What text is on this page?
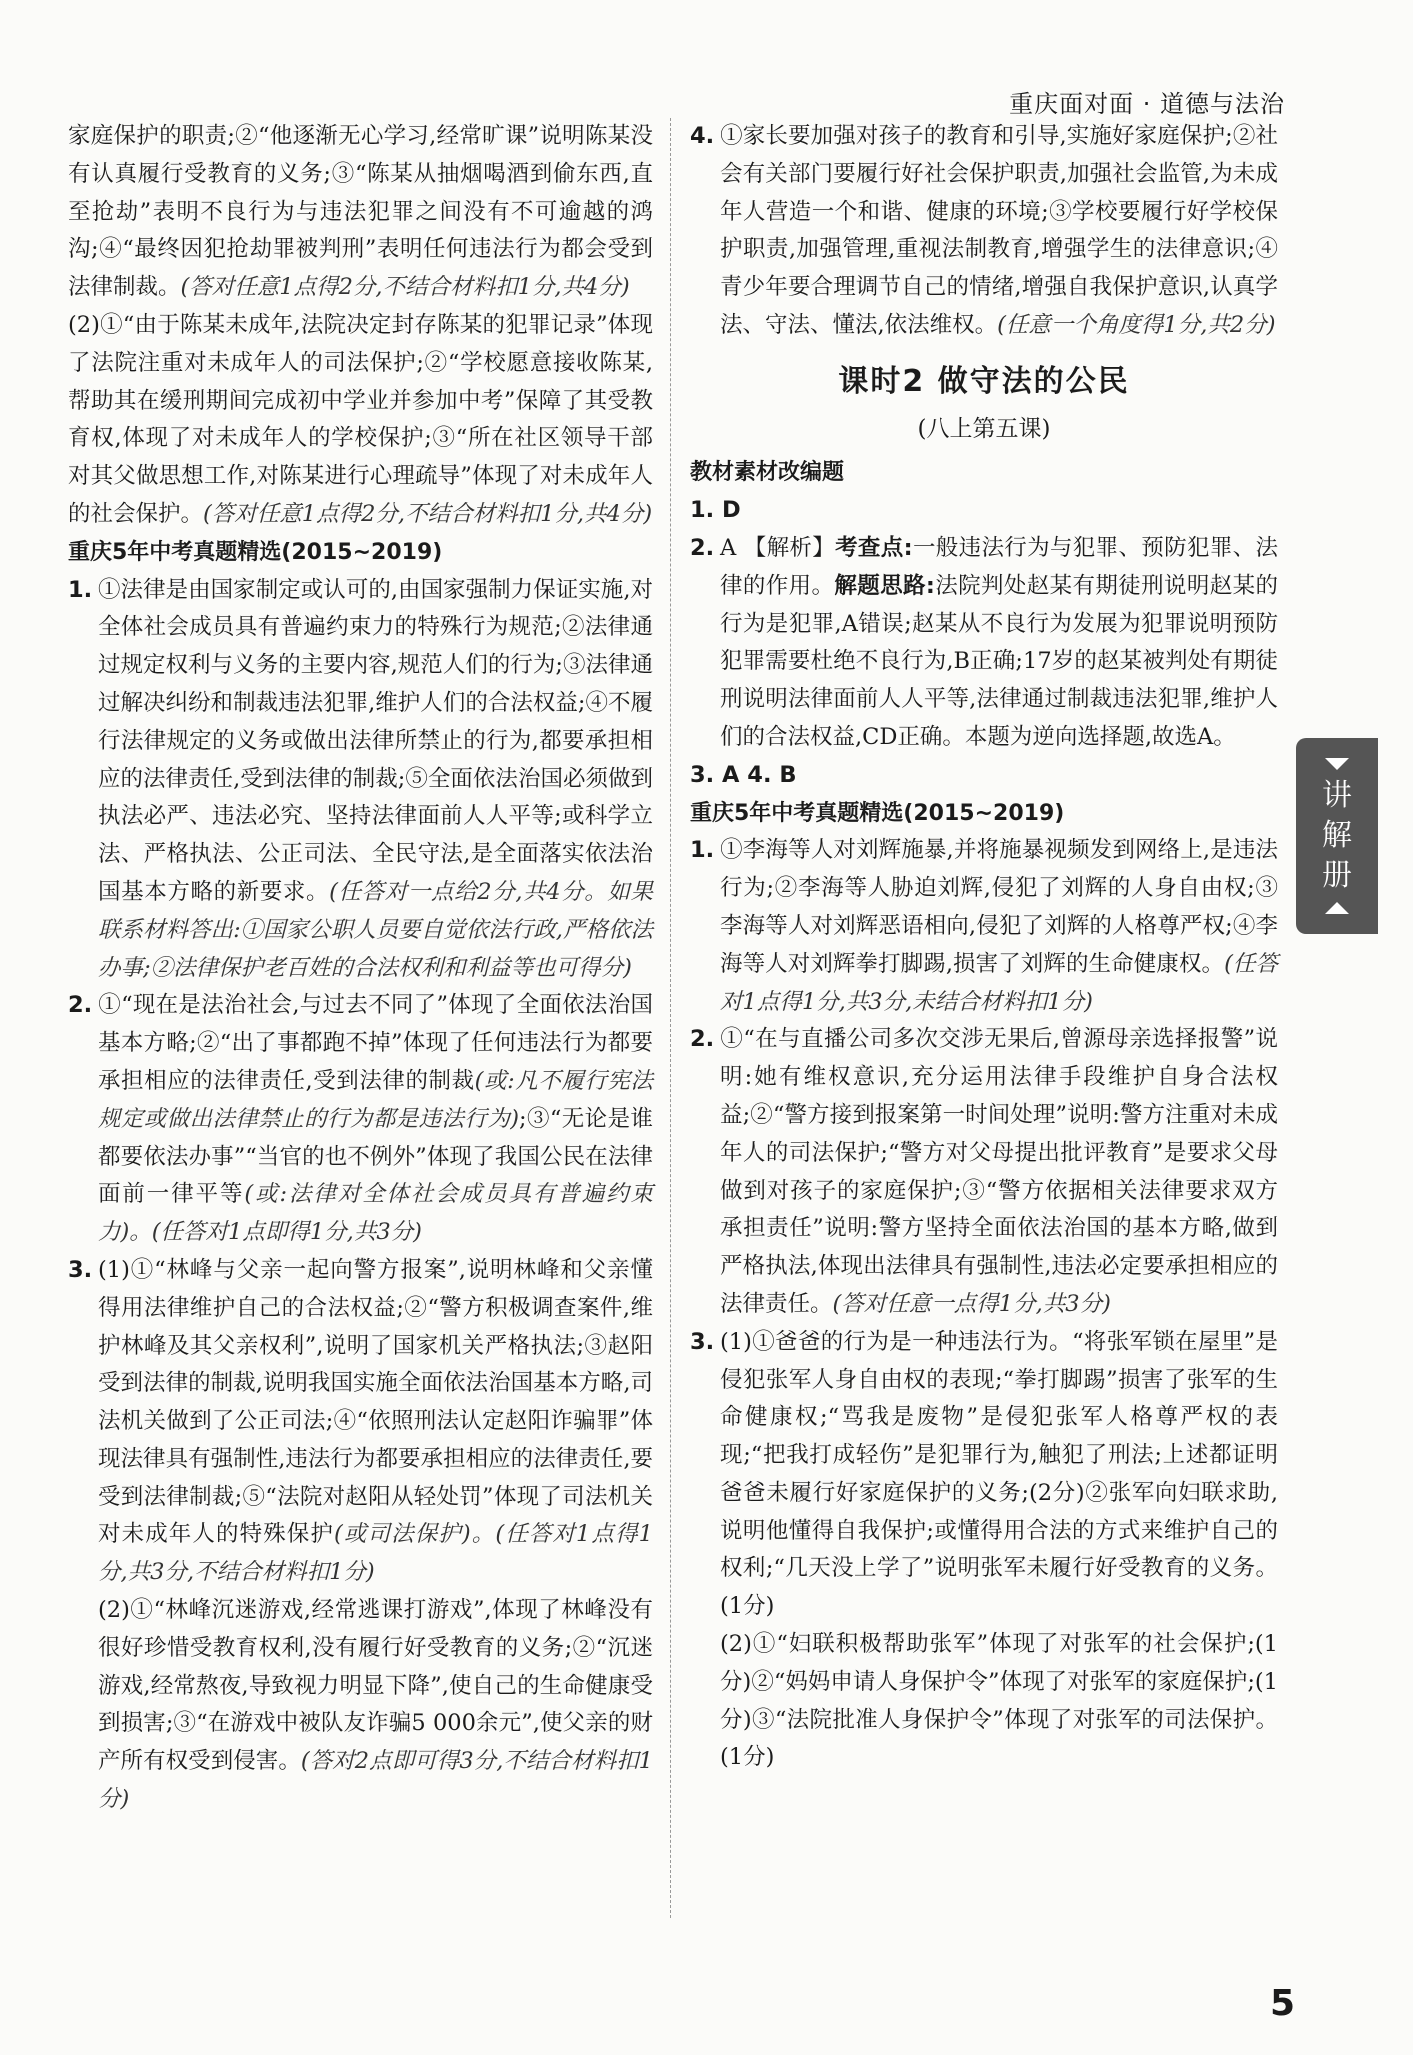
重庆面对面 · 道德与法治

家庭保护的职责;②“他逐渐无心学习,经常旷课”说明陈某没有认真履行受教育的义务;③“陈某从抽烟喝酒到偷东西,直至抢劫”表明不良行为与违法犯罪之间没有不可逾越的鸿沟;④“最终因犯抢劫罪被判刑”表明任何违法行为都会受到法律制裁。(答对任意1点得2分,不结合材料扣1分,共4分)

(2)①“由于陈某未成年,法院决定封存陈某的犯罪记录”体现了法院注重对未成年人的司法保护;②“学校愿意接收陈某,帮助其在缓刑期间完成初中学业并参加中考”保障了其受教育权,体现了对未成年人的学校保护;③“所在社区领导干部对其父做思想工作,对陈某进行心理疏导”体现了对未成年人的社会保护。(答对任意1点得2分,不结合材料扣1分,共4分)

重庆5年中考真题精选(2015~2019)

1. ①法律是由国家制定或认可的,由国家强制力保证实施,对全体社会成员具有普遍约束力的特殊行为规范;②法律通过规定权利与义务的主要内容,规范人们的行为;③法律通过解决纠纷和制裁违法犯罪,维护人们的合法权益;④不履行法律规定的义务或做出法律所禁止的行为,都要承担相应的法律责任,受到法律的制裁;⑤全面依法治国必须做到执法必严、违法必究、坚持法律面前人人平等;或科学立法、严格执法、公正司法、全民守法,是全面落实依法治国基本方略的新要求。(任答对一点给2分,共4分。如果联系材料答出:①国家公职人员要自觉依法行政,严格依法办事;②法律保护老百姓的合法权利和利益等也可得分)

2. ①“现在是法治社会,与过去不同了”体现了全面依法治国基本方略;②“出了事都跑不掉”体现了任何违法行为都要承担相应的法律责任,受到法律的制裁(或:凡不履行宪法规定或做出法律禁止的行为都是违法行为);③“无论是谁都要依法办事”“当官的也不例外”体现了我国公民在法律面前一律平等(或:法律对全体社会成员具有普遍约束力)。(任答对1点即得1分,共3分)

3. (1)①“林峰与父亲一起向警方报案”,说明林峰和父亲懂得用法律维护自己的合法权益;②“警方积极调查案件,维护林峰及其父亲权利”,说明了国家机关严格执法;③赵阳受到法律的制裁,说明我国实施全面依法治国基本方略,司法机关做到了公正司法;④“依照刑法认定赵阳诈骗罪”体现法律具有强制性,违法行为都要承担相应的法律责任,要受到法律制裁;⑤“法院对赵阳从轻处罚”体现了司法机关对未成年人的特殊保护(或司法保护)。(任答对1点得1分,共3分,不结合材料扣1分)

(2)①“林峰沉迷游戏,经常逃课打游戏”,体现了林峰没有很好珍惜受教育权利,没有履行好受教育的义务;②“沉迷游戏,经常熬夜,导致视力明显下降”,使自己的生命健康受到损害;③“在游戏中被队友诈骗5 000余元”,使父亲的财产所有权受到侵害。(答对2点即可得3分,不结合材料扣1分)

4. ①家长要加强对孩子的教育和引导,实施好家庭保护;②社会有关部门要履行好社会保护职责,加强社会监管,为未成年人营造一个和谐、健康的环境;③学校要履行好学校保护职责,加强管理,重视法制教育,增强学生的法律意识;④青少年要合理调节自己的情绪,增强自我保护意识,认真学法、守法、懂法,依法维权。(任意一个角度得1分,共2分)

课时2 做守法的公民

(八上第五课)

教材素材改编题

1. D

2. A 【解析】考查点:一般违法行为与犯罪、预防犯罪、法律的作用。解题思路:法院判处赵某有期徒刑说明赵某的行为是犯罪,A错误;赵某从不良行为发展为犯罪说明预防犯罪需要杜绝不良行为,B正确;17岁的赵某被判处有期徒刑说明法律面前人人平等,法律通过制裁违法犯罪,维护人们的合法权益,CD正确。本题为逆向选择题,故选A。

3. A 4. B

重庆5年中考真题精选(2015~2019)

1. ①李海等人对刘辉施暴,并将施暴视频发到网络上,是违法行为;②李海等人胁迫刘辉,侵犯了刘辉的人身自由权;③李海等人对刘辉恶语相向,侵犯了刘辉的人格尊严权;④李海等人对刘辉拳打脚踢,损害了刘辉的生命健康权。(任答对1点得1分,共3分,未结合材料扣1分)

2. ①“在与直播公司多次交涉无果后,曾源母亲选择报警”说明:她有维权意识,充分运用法律手段维护自身合法权益;②“警方接到报案第一时间处理”说明:警方注重对未成年人的司法保护;“警方对父母提出批评教育”是要求父母做到对孩子的家庭保护;③“警方依据相关法律要求双方承担责任”说明:警方坚持全面依法治国的基本方略,做到严格执法,体现出法律具有强制性,违法必定要承担相应的法律责任。(答对任意一点得1分,共3分)

3. (1)①爸爸的行为是一种违法行为。“将张军锁在屋里”是侵犯张军人身自由权的表现;“拳打脚踢”损害了张军的生命健康权;“骂我是废物”是侵犯张军人格尊严权的表现;“把我打成轻伤”是犯罪行为,触犯了刑法;上述都证明爸爸未履行好家庭保护的义务;(2分)②张军向妇联求助,说明他懂得自我保护;或懂得用合法的方式来维护自己的权利;“几天没上学了”说明张军未履行好受教育的义务。(1分)

(2)①“妇联积极帮助张军”体现了对张军的社会保护;(1分)②“妈妈申请人身保护令”体现了对张军的家庭保护;(1分)③“法院批准人身保护令”体现了对张军的司法保护。(1分)

讲
解
册
5
